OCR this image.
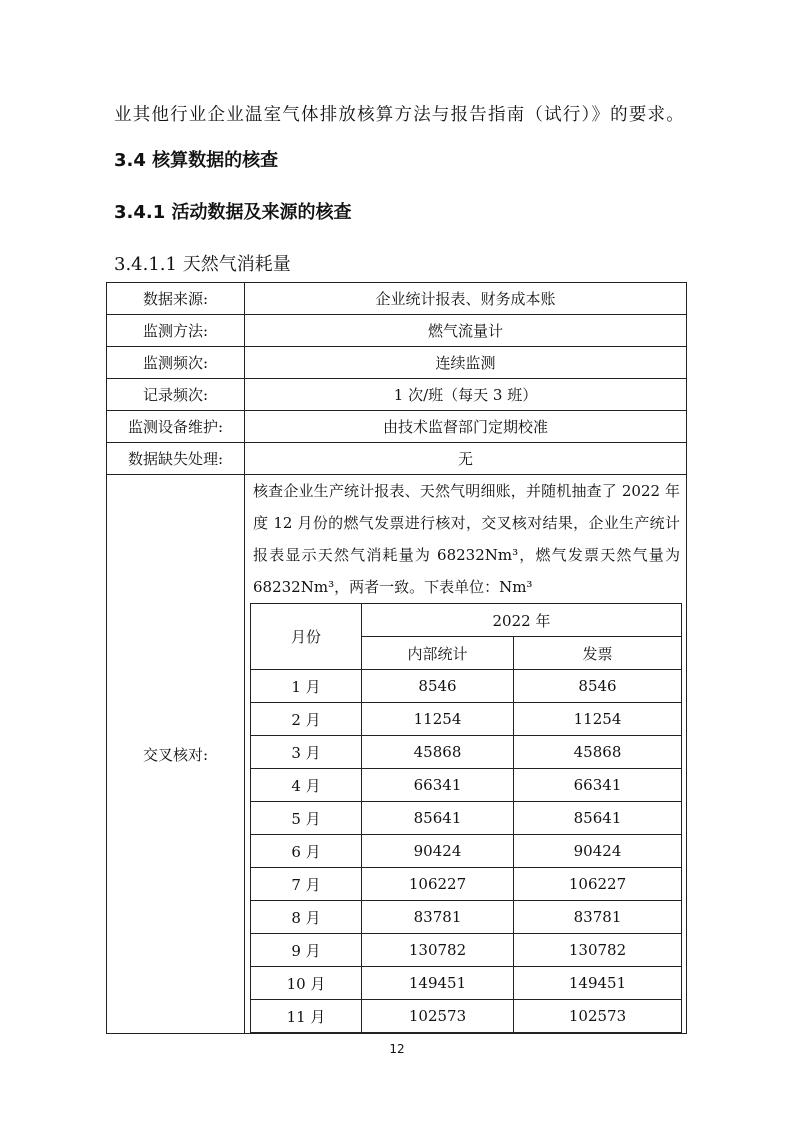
业其他行业企业温室气体排放核算方法与报告指南（试行）》的要求。
3.4 核算数据的核查
3.4.1 活动数据及来源的核查
3.4.1.1 天然气消耗量
数据来源:	企业统计报表、财务成本账
监测方法:	燃气流量计
监测频次:	连续监测
记录频次:	1 次/班（每天 3 班）
监测设备维护:	由技术监督部门定期校准
数据缺失处理:	无
交叉核对:	
核查企业生产统计报表、天然气明细账，并随机抽查了 2022 年度 12 月份的燃气发票进行核对，交叉核对结果，企业生产统计报表显示天然气消耗量为 68232Nm³，燃气发票天然气量为 68232Nm³，两者一致。下表单位：Nm³
月份	2022 年
内部统计	发票
1 月	8546	8546
2 月	11254	11254
3 月	45868	45868
4 月	66341	66341
5 月	85641	85641
6 月	90424	90424
7 月	106227	106227
8 月	83781	83781
9 月	130782	130782
10 月	149451	149451
11 月	102573	102573
12
